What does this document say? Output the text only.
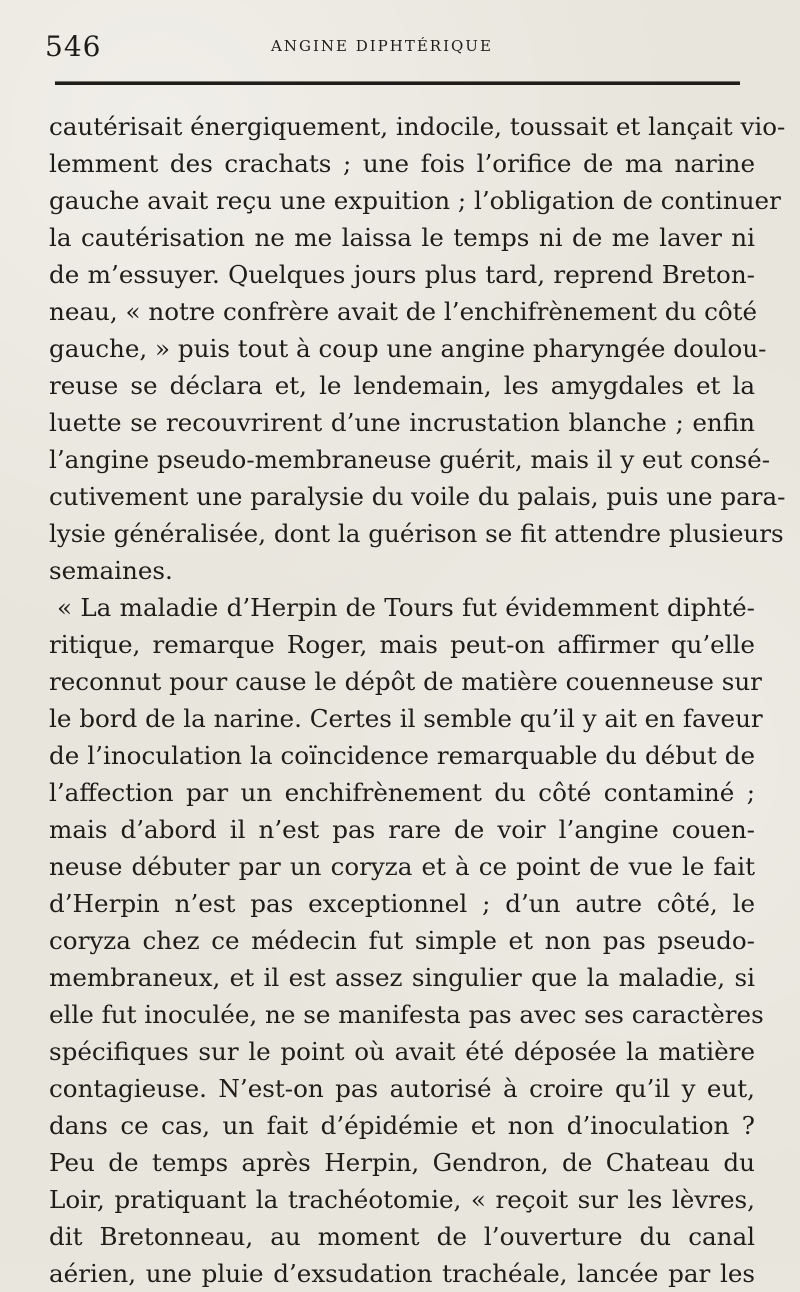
546	ANGINE DIPHTÉRIQUE
cautérisait énergiquement, indocile, toussait et lançait vio-
lemment des crachats ; une fois l’orifice de ma narine
gauche avait reçu une expuition ; l’obligation de continuer
la cautérisation ne me laissa le temps ni de me laver ni
de m’essuyer. Quelques jours plus tard, reprend Breton-
neau, « notre confrère avait de l’enchifrènement du côté
gauche, » puis tout à coup une angine pharyngée doulou-
reuse se déclara et, le lendemain, les amygdales et la
luette se recouvrirent d’une incrustation blanche ; enfin
l’angine pseudo-membraneuse guérit, mais il y eut consé-
cutivement une paralysie du voile du palais, puis une para-
lysie généralisée, dont la guérison se fit attendre plusieurs
semaines.
« La maladie d’Herpin de Tours fut évidemment diphté-
ritique, remarque Roger, mais peut-on affirmer qu’elle
reconnut pour cause le dépôt de matière couenneuse sur
le bord de la narine. Certes il semble qu’il y ait en faveur
de l’inoculation la coïncidence remarquable du début de
l’affection par un enchifrènement du côté contaminé ;
mais d’abord il n’est pas rare de voir l’angine couen-
neuse débuter par un coryza et à ce point de vue le fait
d’Herpin n’est pas exceptionnel ; d’un autre côté, le
coryza chez ce médecin fut simple et non pas pseudo-
membraneux, et il est assez singulier que la maladie, si
elle fut inoculée, ne se manifesta pas avec ses caractères
spécifiques sur le point où avait été déposée la matière
contagieuse. N’est-on pas autorisé à croire qu’il y eut,
dans ce cas, un fait d’épidémie et non d’inoculation ?
Peu de temps après Herpin, Gendron, de Chateau du
Loir, pratiquant la trachéotomie, « reçoit sur les lèvres,
dit Bretonneau, au moment de l’ouverture du canal
aérien, une pluie d’exsudation trachéale, lancée par les
